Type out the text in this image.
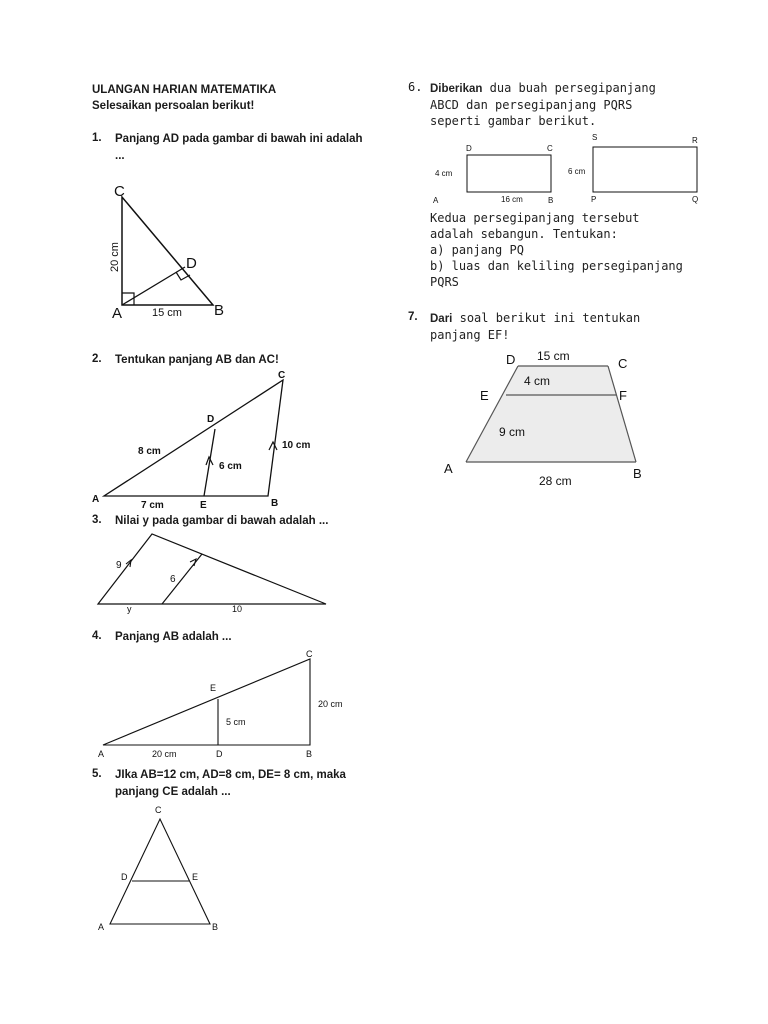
ULANGAN HARIAN MATEMATIKA
Selesaikan persoalan berikut!
1. Panjang AD pada gambar di bawah ini adalah ...
C
D
A	B
20 cm
15 cm
2. Tentukan panjang AB dan AC!
A
E	B
C
D
8 cm
6 cm
10 cm
7 cm
3. Nilai y pada gambar di bawah adalah ...
9
6
y	10
4. Panjang AB adalah ...
A	D	B
C
E
20 cm
5 cm
20 cm
5. JIka AB=12 cm, AD=8 cm, DE= 8 cm, maka panjang CE adalah ...
C
D	E
A	B
6. Diberikan dua buah persegipanjang ABCD dan persegipanjang PQRS seperti gambar berikut.
D	C
4 cm
A	16 cm	B
S	R
6 cm
P	Q
Kedua persegipanjang tersebut
adalah sebangun. Tentukan:
a) panjang PQ
b) luas dan keliling persegipanjang
PQRS
7. Dari soal berikut ini tentukan panjang EF!
D 15 cm	C
4 cm
E	F
9 cm
A	B
28 cm
